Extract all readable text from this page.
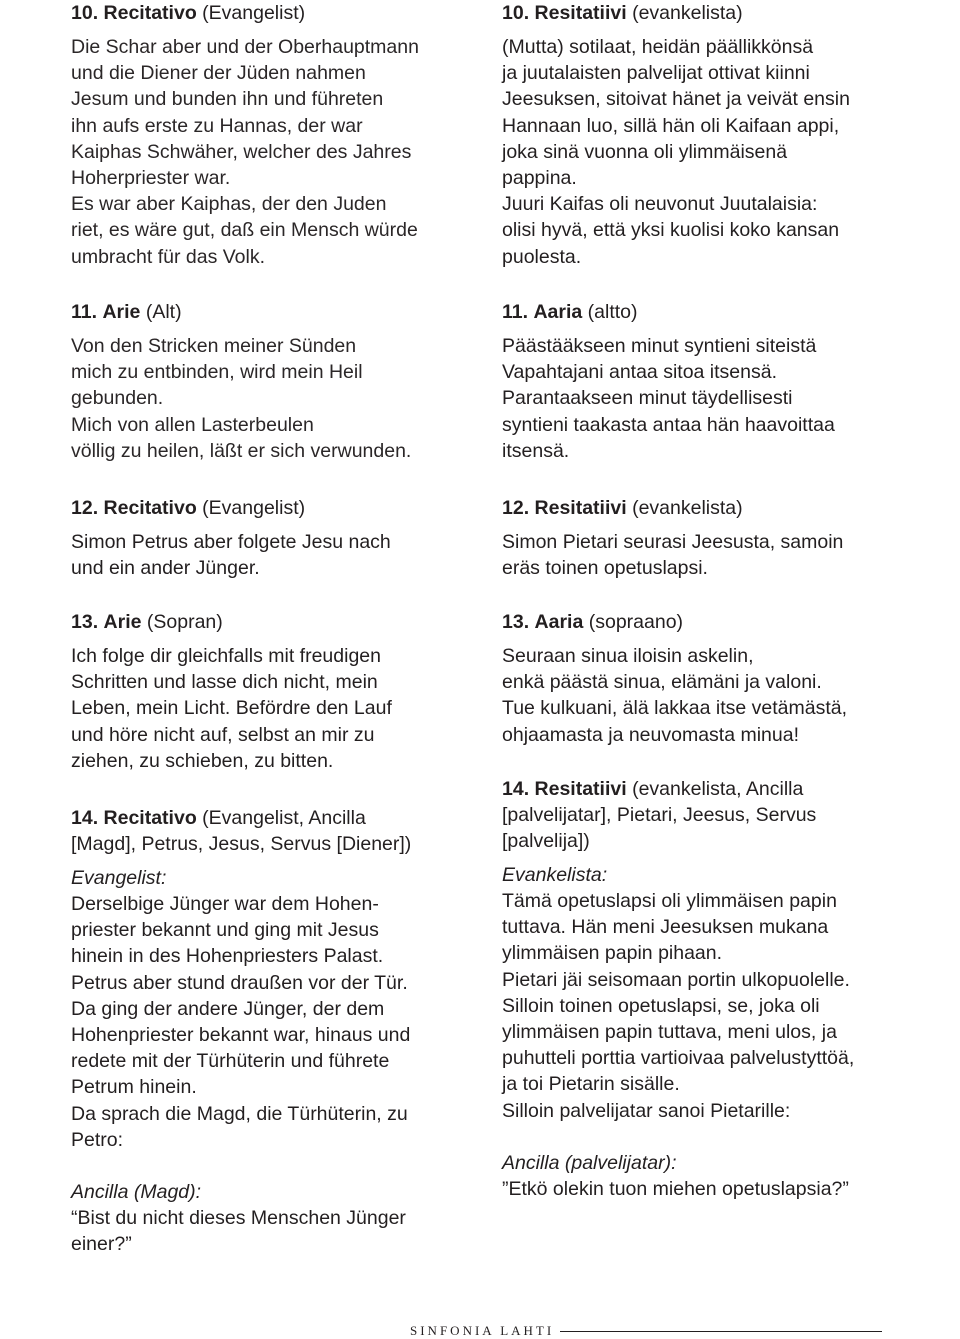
10. Recitativo (Evangelist)
Die Schar aber und der Oberhauptmann
und die Diener der Jüden nahmen
Jesum und bunden ihn und führeten
ihn aufs erste zu Hannas, der war
Kaiphas Schwäher, welcher des Jahres
Hoherpriester war.
Es war aber Kaiphas, der den Juden
riet, es wäre gut, daß ein Mensch würde
umbracht für das Volk.
11. Arie (Alt)
Von den Stricken meiner Sünden
mich zu entbinden, wird mein Heil
gebunden.
Mich von allen Lasterbeulen
völlig zu heilen, läßt er sich verwunden.
12. Recitativo (Evangelist)
Simon Petrus aber folgete Jesu nach
und ein ander Jünger.
13. Arie (Sopran)
Ich folge dir gleichfalls mit freudigen
Schritten und lasse dich nicht, mein
Leben, mein Licht. Befördre den Lauf
und höre nicht auf, selbst an mir zu
ziehen, zu schieben, zu bitten.
14. Recitativo (Evangelist, Ancilla
[Magd], Petrus, Jesus, Servus [Diener])
Evangelist:
Derselbige Jünger war dem Hohen-
priester bekannt und ging mit Jesus
hinein in des Hohenpriesters Palast.
Petrus aber stund draußen vor der Tür.
Da ging der andere Jünger, der dem
Hohenpriester bekannt war, hinaus und
redete mit der Türhüterin und führete
Petrum hinein.
Da sprach die Magd, die Türhüterin, zu
Petro:
Ancilla (Magd):
“Bist du nicht dieses Menschen Jünger
einer?”
10. Resitatiivi (evankelista)
(Mutta) sotilaat, heidän päällikkönsä
ja juutalaisten palvelijat ottivat kiinni
Jeesuksen, sitoivat hänet ja veivät ensin
Hannaan luo, sillä hän oli Kaifaan appi,
joka sinä vuonna oli ylimmäisenä
pappina.
Juuri Kaifas oli neuvonut Juutalaisia:
olisi hyvä, että yksi kuolisi koko kansan
puolesta.
11. Aaria (altto)
Päästääkseen minut syntieni siteistä
Vapahtajani antaa sitoa itsensä.
Parantaakseen minut täydellisesti
syntieni taakasta antaa hän haavoittaa
itsensä.
12. Resitatiivi (evankelista)
Simon Pietari seurasi Jeesusta, samoin
eräs toinen opetuslapsi.
13. Aaria (sopraano)
Seuraan sinua iloisin askelin,
enkä päästä sinua, elämäni ja valoni.
Tue kulkuani, älä lakkaa itse vetämästä,
ohjaamasta ja neuvomasta minua!
14. Resitatiivi (evankelista, Ancilla
[palvelijatar], Pietari, Jeesus, Servus
[palvelija])
Evankelista:
Tämä opetuslapsi oli ylimmäisen papin
tuttava. Hän meni Jeesuksen mukana
ylimmäisen papin pihaan.
Pietari jäi seisomaan portin ulkopuolelle.
Silloin toinen opetuslapsi, se, joka oli
ylimmäisen papin tuttava, meni ulos, ja
puhutteli porttia vartioivaa palvelustyttöä,
ja toi Pietarin sisälle.
Silloin palvelijatar sanoi Pietarille:
Ancilla (palvelijatar):
”Etkö olekin tuon miehen opetuslapsia?”
SINFONIA LAHTI
